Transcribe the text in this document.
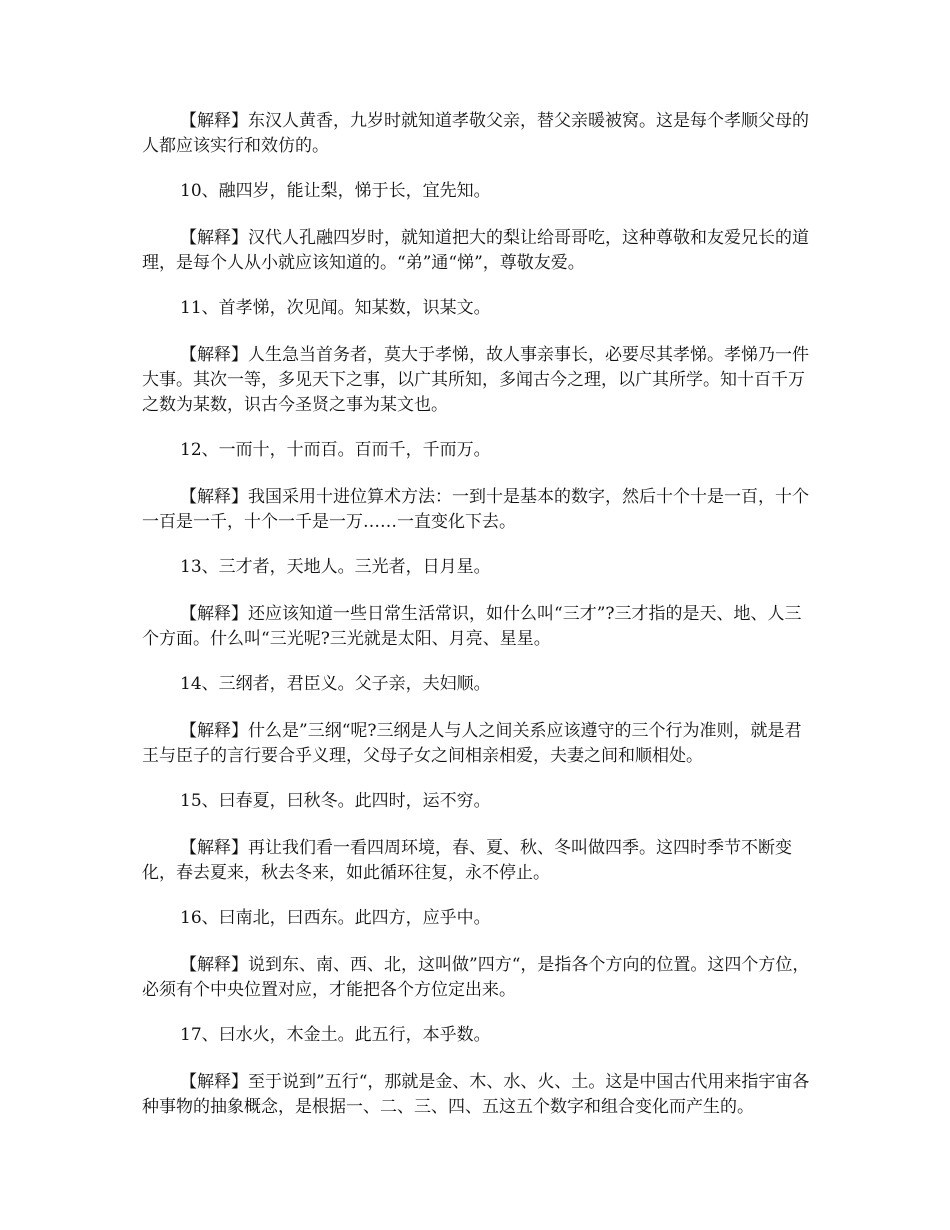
【解释】东汉人黄香，九岁时就知道孝敬父亲，替父亲暖被窝。这是每个孝顺父母的人都应该实行和效仿的。

10、融四岁，能让梨，悌于长，宜先知。

【解释】汉代人孔融四岁时，就知道把大的梨让给哥哥吃，这种尊敬和友爱兄长的道理，是每个人从小就应该知道的。“弟”通“悌”，尊敬友爱。

11、首孝悌，次见闻。知某数，识某文。

【解释】人生急当首务者，莫大于孝悌，故人事亲事长，必要尽其孝悌。孝悌乃一件大事。其次一等，多见天下之事，以广其所知，多闻古今之理，以广其所学。知十百千万之数为某数，识古今圣贤之事为某文也。

12、一而十，十而百。百而千，千而万。

【解释】我国采用十进位算术方法：一到十是基本的数字，然后十个十是一百，十个一百是一千，十个一千是一万……一直变化下去。

13、三才者，天地人。三光者，日月星。

【解释】还应该知道一些日常生活常识，如什么叫“三才”?三才指的是天、地、人三个方面。什么叫“三光呢?三光就是太阳、月亮、星星。

14、三纲者，君臣义。父子亲，夫妇顺。

【解释】什么是”三纲“呢?三纲是人与人之间关系应该遵守的三个行为准则，就是君王与臣子的言行要合乎义理，父母子女之间相亲相爱，夫妻之间和顺相处。

15、曰春夏，曰秋冬。此四时，运不穷。

【解释】再让我们看一看四周环境，春、夏、秋、冬叫做四季。这四时季节不断变化，春去夏来，秋去冬来，如此循环往复，永不停止。

16、曰南北，曰西东。此四方，应乎中。

【解释】说到东、南、西、北，这叫做”四方“，是指各个方向的位置。这四个方位，必须有个中央位置对应，才能把各个方位定出来。

17、曰水火，木金土。此五行，本乎数。

【解释】至于说到”五行“，那就是金、木、水、火、土。这是中国古代用来指宇宙各种事物的抽象概念，是根据一、二、三、四、五这五个数字和组合变化而产生的。
